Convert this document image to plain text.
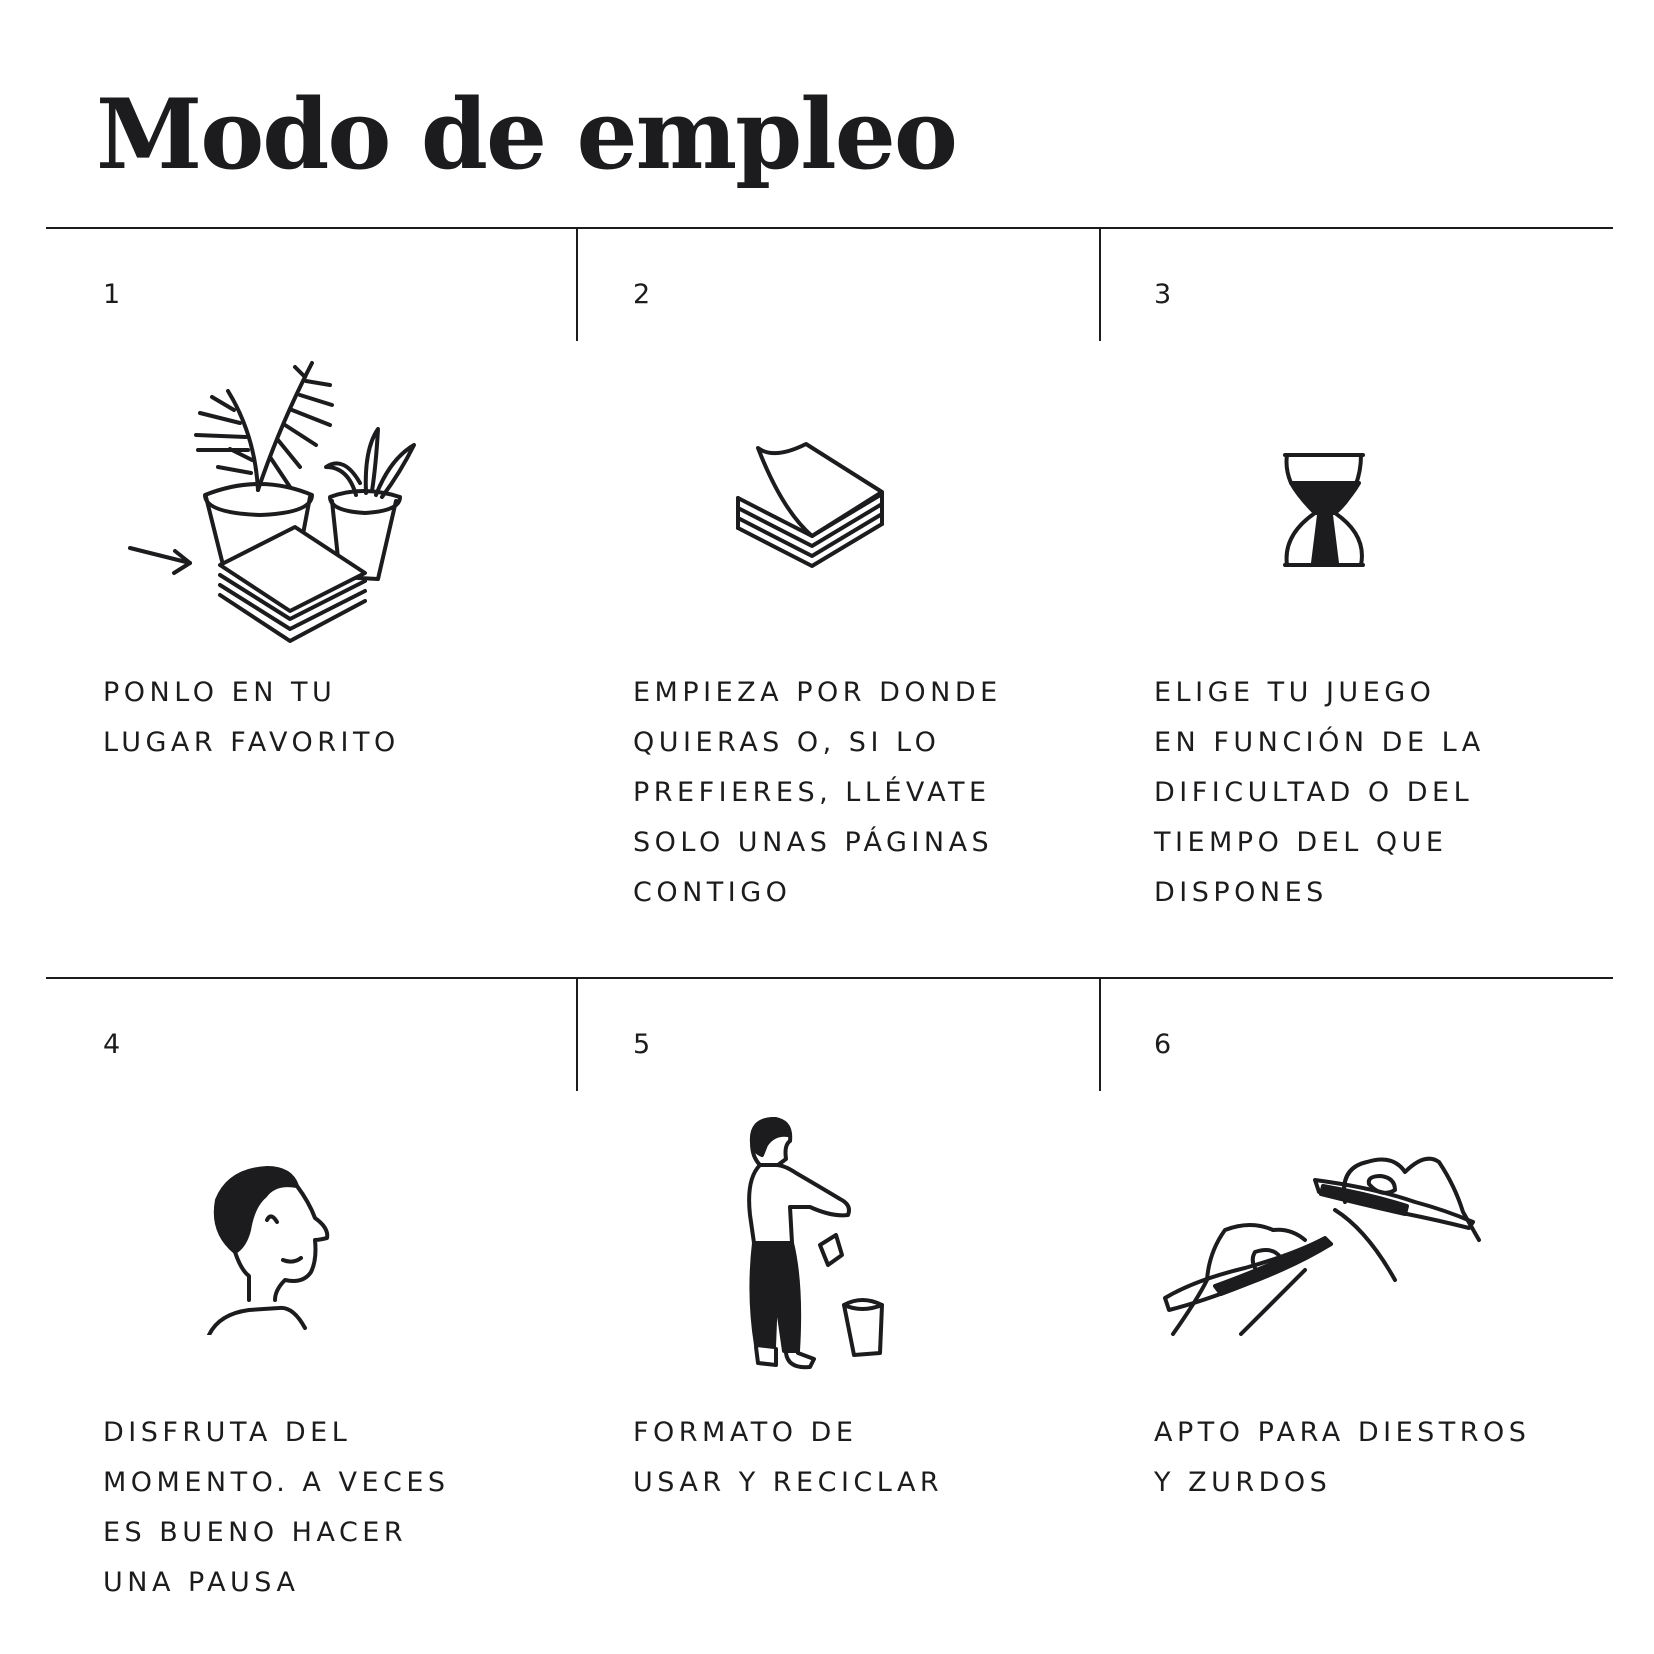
Modo de empleo
1

PONLO EN TU
LUGAR FAVORITO

2

EMPIEZA POR DONDE
QUIERAS O, SI LO
PREFIERES, LLÉVATE
SOLO UNAS PÁGINAS
CONTIGO

3

ELIGE TU JUEGO
EN FUNCIÓN DE LA
DIFICULTAD O DEL
TIEMPO DEL QUE
DISPONES

4

DISFRUTA DEL
MOMENTO. A VECES
ES BUENO HACER
UNA PAUSA

5

FORMATO DE
USAR Y RECICLAR

6

APTO PARA DIESTROS
Y ZURDOS
